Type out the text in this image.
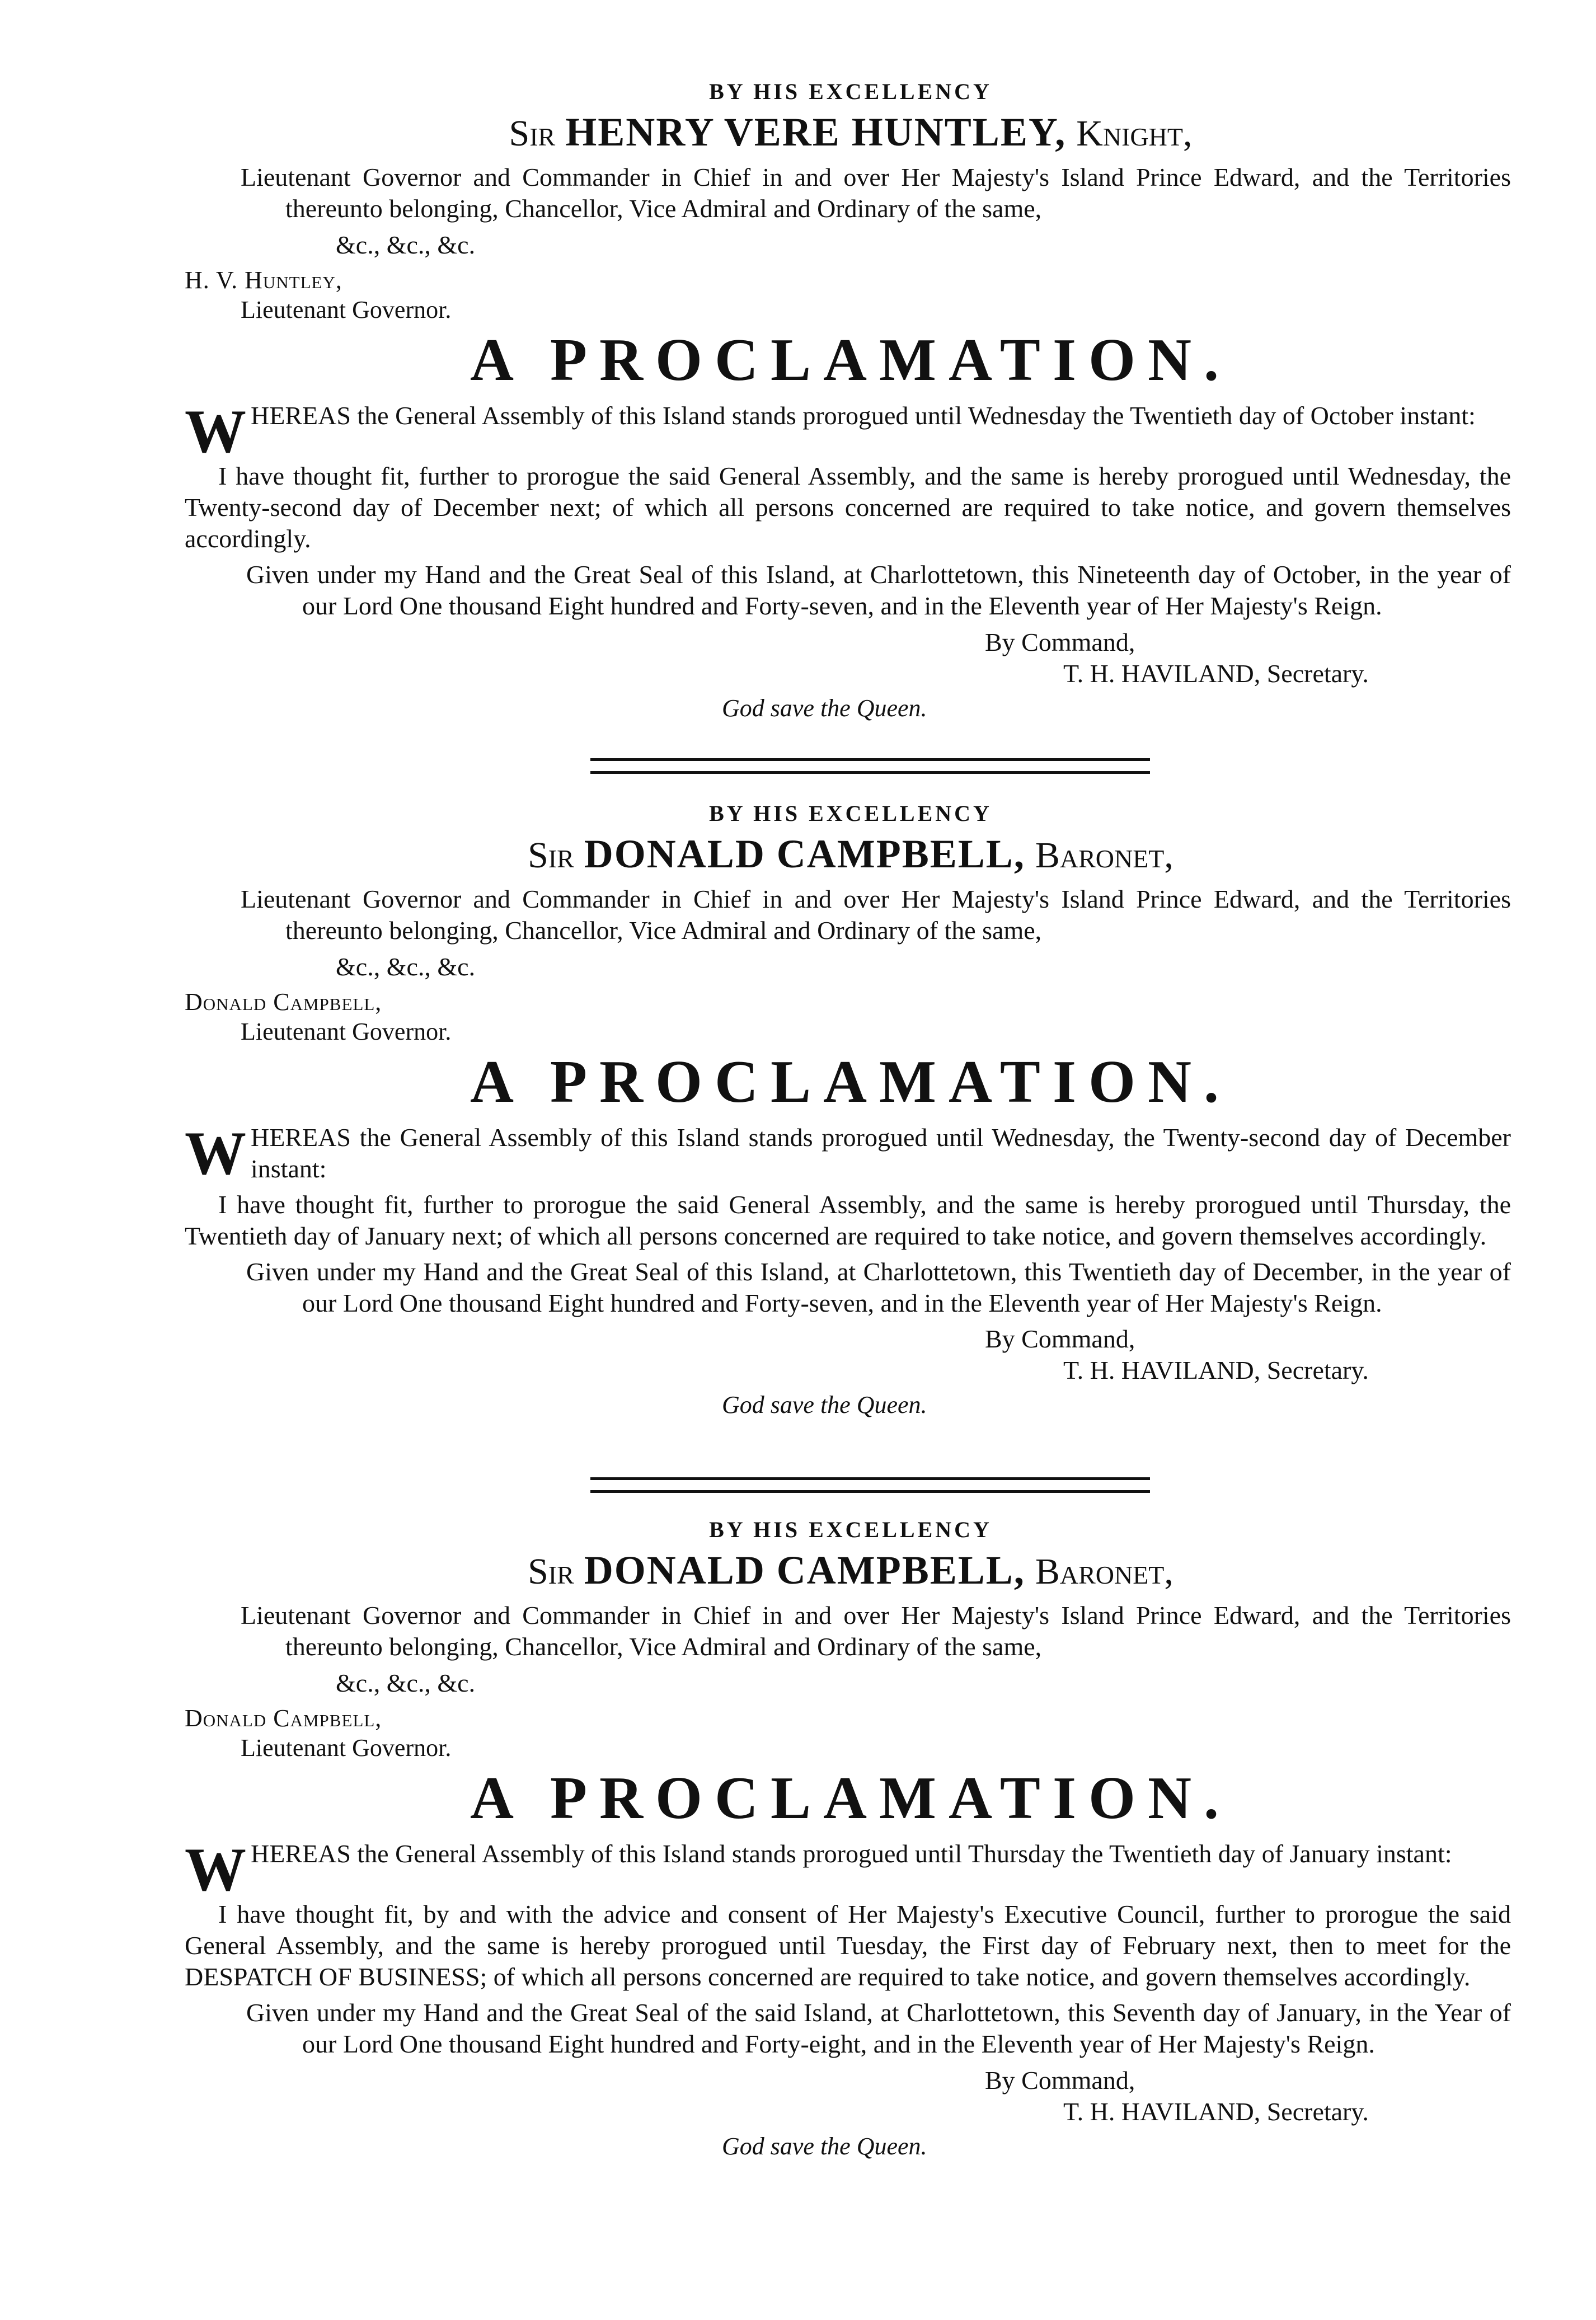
BY HIS EXCELLENCY
Sir HENRY VERE HUNTLEY, Knight,
Lieutenant Governor and Commander in Chief in and over Her Majesty's Island Prince Edward, and the Territories thereunto belonging, Chancellor, Vice Admiral and Ordinary of the same,
&c., &c., &c.
H. V. Huntley,
Lieutenant Governor.
A PROCLAMATION.
W HEREAS the General Assembly of this Island stands prorogued until Wednesday the Twentieth day of October instant:
I have thought fit, further to prorogue the said General Assembly, and the same is hereby prorogued until Wednesday, the Twenty-second day of December next; of which all persons concerned are required to take notice, and govern themselves accordingly.
Given under my Hand and the Great Seal of this Island, at Charlottetown, this Nineteenth day of October, in the year of our Lord One thousand Eight hundred and Forty-seven, and in the Eleventh year of Her Majesty's Reign.
By Command,
T. H. HAVILAND, Secretary.
God save the Queen.
BY HIS EXCELLENCY
Sir DONALD CAMPBELL, Baronet,
Lieutenant Governor and Commander in Chief in and over Her Majesty's Island Prince Edward, and the Territories thereunto belonging, Chancellor, Vice Admiral and Ordinary of the same,
&c., &c., &c.
Donald Campbell,
Lieutenant Governor.
A PROCLAMATION.
W HEREAS the General Assembly of this Island stands prorogued until Wednesday, the Twenty-second day of December instant:
I have thought fit, further to prorogue the said General Assembly, and the same is hereby prorogued until Thursday, the Twentieth day of January next; of which all persons concerned are required to take notice, and govern themselves accordingly.
Given under my Hand and the Great Seal of this Island, at Charlottetown, this Twentieth day of December, in the year of our Lord One thousand Eight hundred and Forty-seven, and in the Eleventh year of Her Majesty's Reign.
By Command,
T. H. HAVILAND, Secretary.
God save the Queen.
BY HIS EXCELLENCY
Sir DONALD CAMPBELL, Baronet,
Lieutenant Governor and Commander in Chief in and over Her Majesty's Island Prince Edward, and the Territories thereunto belonging, Chancellor, Vice Admiral and Ordinary of the same,
&c., &c., &c.
Donald Campbell,
Lieutenant Governor.
A PROCLAMATION.
W HEREAS the General Assembly of this Island stands prorogued until Thursday the Twentieth day of January instant:
I have thought fit, by and with the advice and consent of Her Majesty's Executive Council, further to prorogue the said General Assembly, and the same is hereby prorogued until Tuesday, the First day of February next, then to meet for the DESPATCH OF BUSINESS; of which all persons concerned are required to take notice, and govern themselves accordingly.
Given under my Hand and the Great Seal of the said Island, at Charlottetown, this Seventh day of January, in the Year of our Lord One thousand Eight hundred and Forty-eight, and in the Eleventh year of Her Majesty's Reign.
By Command,
T. H. HAVILAND, Secretary.
God save the Queen.
